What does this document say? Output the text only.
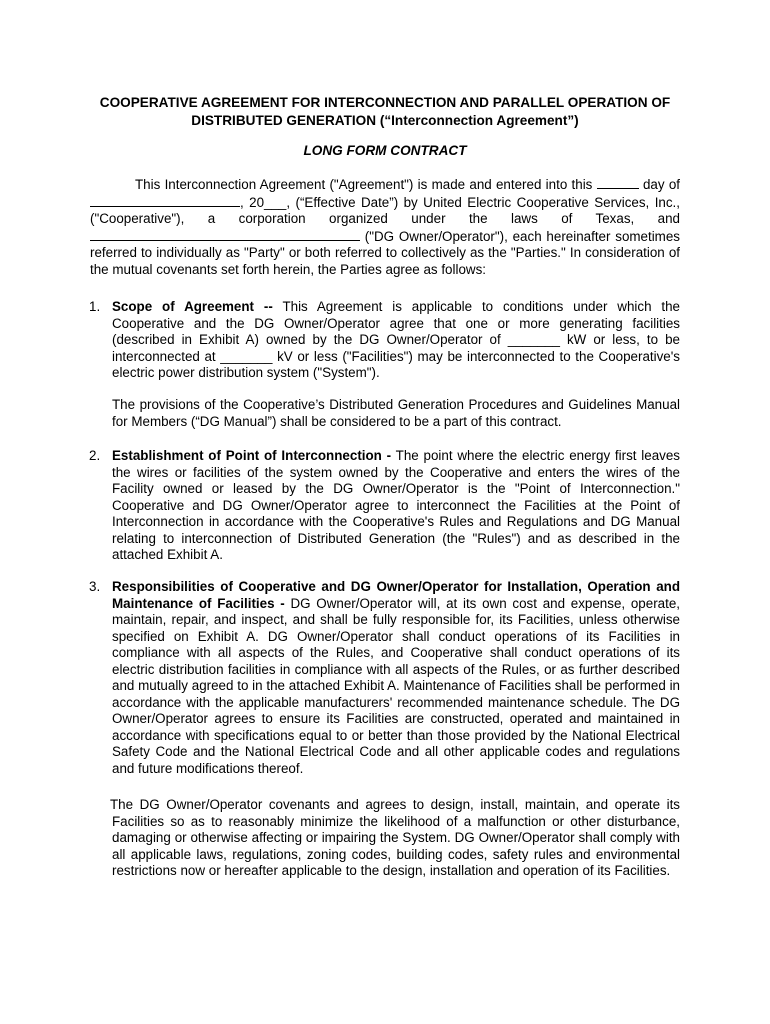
COOPERATIVE AGREEMENT FOR INTERCONNECTION AND PARALLEL OPERATION OF
DISTRIBUTED GENERATION (“Interconnection Agreement”)
LONG FORM CONTRACT
This Interconnection Agreement ("Agreement") is made and entered into this	day of , 20___, (“Effective Date”) by United Electric Cooperative Services, Inc., ("Cooperative"), a corporation organized under the laws of Texas, and  ("DG Owner/Operator"), each hereinafter sometimes referred to individually as "Party" or both referred to collectively as the "Parties." In consideration of the mutual covenants set forth herein, the Parties agree as follows:
1. Scope of Agreement -- This Agreement is applicable to conditions under which the Cooperative and the DG Owner/Operator agree that one or more generating facilities (described in Exhibit A) owned by the DG Owner/Operator of _______ kW or less, to be interconnected at _______ kV or less ("Facilities") may be interconnected to the Cooperative's electric power distribution system ("System").
The provisions of the Cooperative’s Distributed Generation Procedures and Guidelines Manual for Members (“DG Manual”) shall be considered to be a part of this contract.
2. Establishment of Point of Interconnection - The point where the electric energy first leaves the wires or facilities of the system owned by the Cooperative and enters the wires of the Facility owned or leased by the DG Owner/Operator is the "Point of Interconnection." Cooperative and DG Owner/Operator agree to interconnect the Facilities at the Point of Interconnection in accordance with the Cooperative's Rules and Regulations and DG Manual relating to interconnection of Distributed Generation (the "Rules") and as described in the attached Exhibit A.
3. Responsibilities of Cooperative and DG Owner/Operator for Installation, Operation and Maintenance of Facilities - DG Owner/Operator will, at its own cost and expense, operate, maintain, repair, and inspect, and shall be fully responsible for, its Facilities, unless otherwise specified on Exhibit A. DG Owner/Operator shall conduct operations of its Facilities in compliance with all aspects of the Rules, and Cooperative shall conduct operations of its electric distribution facilities in compliance with all aspects of the Rules, or as further described and mutually agreed to in the attached Exhibit A. Maintenance of Facilities shall be performed in accordance with the applicable manufacturers' recommended maintenance schedule. The DG Owner/Operator agrees to ensure its Facilities are constructed, operated and maintained in accordance with specifications equal to or better than those provided by the National Electrical Safety Code and the National Electrical Code and all other applicable codes and regulations and future modifications thereof.
The DG Owner/Operator covenants and agrees to design, install, maintain, and operate its Facilities so as to reasonably minimize the likelihood of a malfunction or other disturbance, damaging or otherwise affecting or impairing the System. DG Owner/Operator shall comply with all applicable laws, regulations, zoning codes, building codes, safety rules and environmental restrictions now or hereafter applicable to the design, installation and operation of its Facilities.
